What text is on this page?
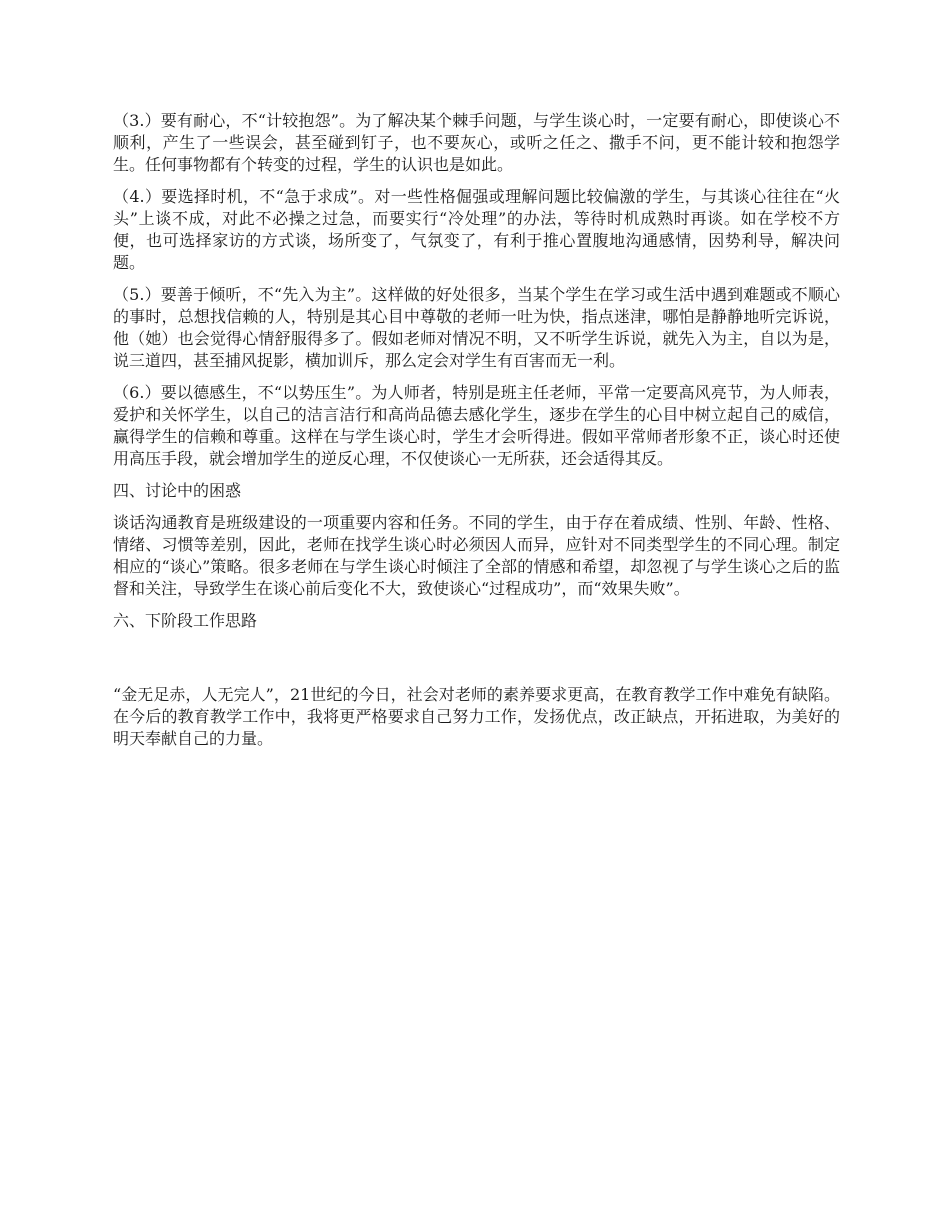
（3.）要有耐心，不“计较抱怨”。为了解决某个棘手问题，与学生谈心时，一定要有耐心，即使谈心不顺利，产生了一些误会，甚至碰到钉子，也不要灰心，或听之任之、撒手不问，更不能计较和抱怨学生。任何事物都有个转变的过程，学生的认识也是如此。

（4.）要选择时机，不“急于求成”。对一些性格倔强或理解问题比较偏激的学生，与其谈心往往在“火头”上谈不成，对此不必操之过急，而要实行“冷处理”的办法，等待时机成熟时再谈。如在学校不方便，也可选择家访的方式谈，场所变了，气氛变了，有利于推心置腹地沟通感情，因势利导，解决问题。

（5.）要善于倾听，不“先入为主”。这样做的好处很多，当某个学生在学习或生活中遇到难题或不顺心的事时，总想找信赖的人，特别是其心目中尊敬的老师一吐为快，指点迷津，哪怕是静静地听完诉说，他（她）也会觉得心情舒服得多了。假如老师对情况不明，又不听学生诉说，就先入为主，自以为是，说三道四，甚至捕风捉影，横加训斥，那么定会对学生有百害而无一利。

（6.）要以德感生，不“以势压生”。为人师者，特别是班主任老师，平常一定要高风亮节，为人师表，爱护和关怀学生，以自己的洁言洁行和高尚品德去感化学生，逐步在学生的心目中树立起自己的威信，赢得学生的信赖和尊重。这样在与学生谈心时，学生才会听得进。假如平常师者形象不正，谈心时还使用高压手段，就会增加学生的逆反心理，不仅使谈心一无所获，还会适得其反。

四、讨论中的困惑

谈话沟通教育是班级建设的一项重要内容和任务。不同的学生，由于存在着成绩、性别、年龄、性格、情绪、习惯等差别，因此，老师在找学生谈心时必须因人而异，应针对不同类型学生的不同心理。制定相应的“谈心”策略。很多老师在与学生谈心时倾注了全部的情感和希望，却忽视了与学生谈心之后的监督和关注，导致学生在谈心前后变化不大，致使谈心“过程成功”，而“效果失败”。

六、下阶段工作思路

“金无足赤，人无完人”，21世纪的今日，社会对老师的素养要求更高，在教育教学工作中难免有缺陷。在今后的教育教学工作中，我将更严格要求自己努力工作，发扬优点，改正缺点，开拓进取，为美好的明天奉献自己的力量。
